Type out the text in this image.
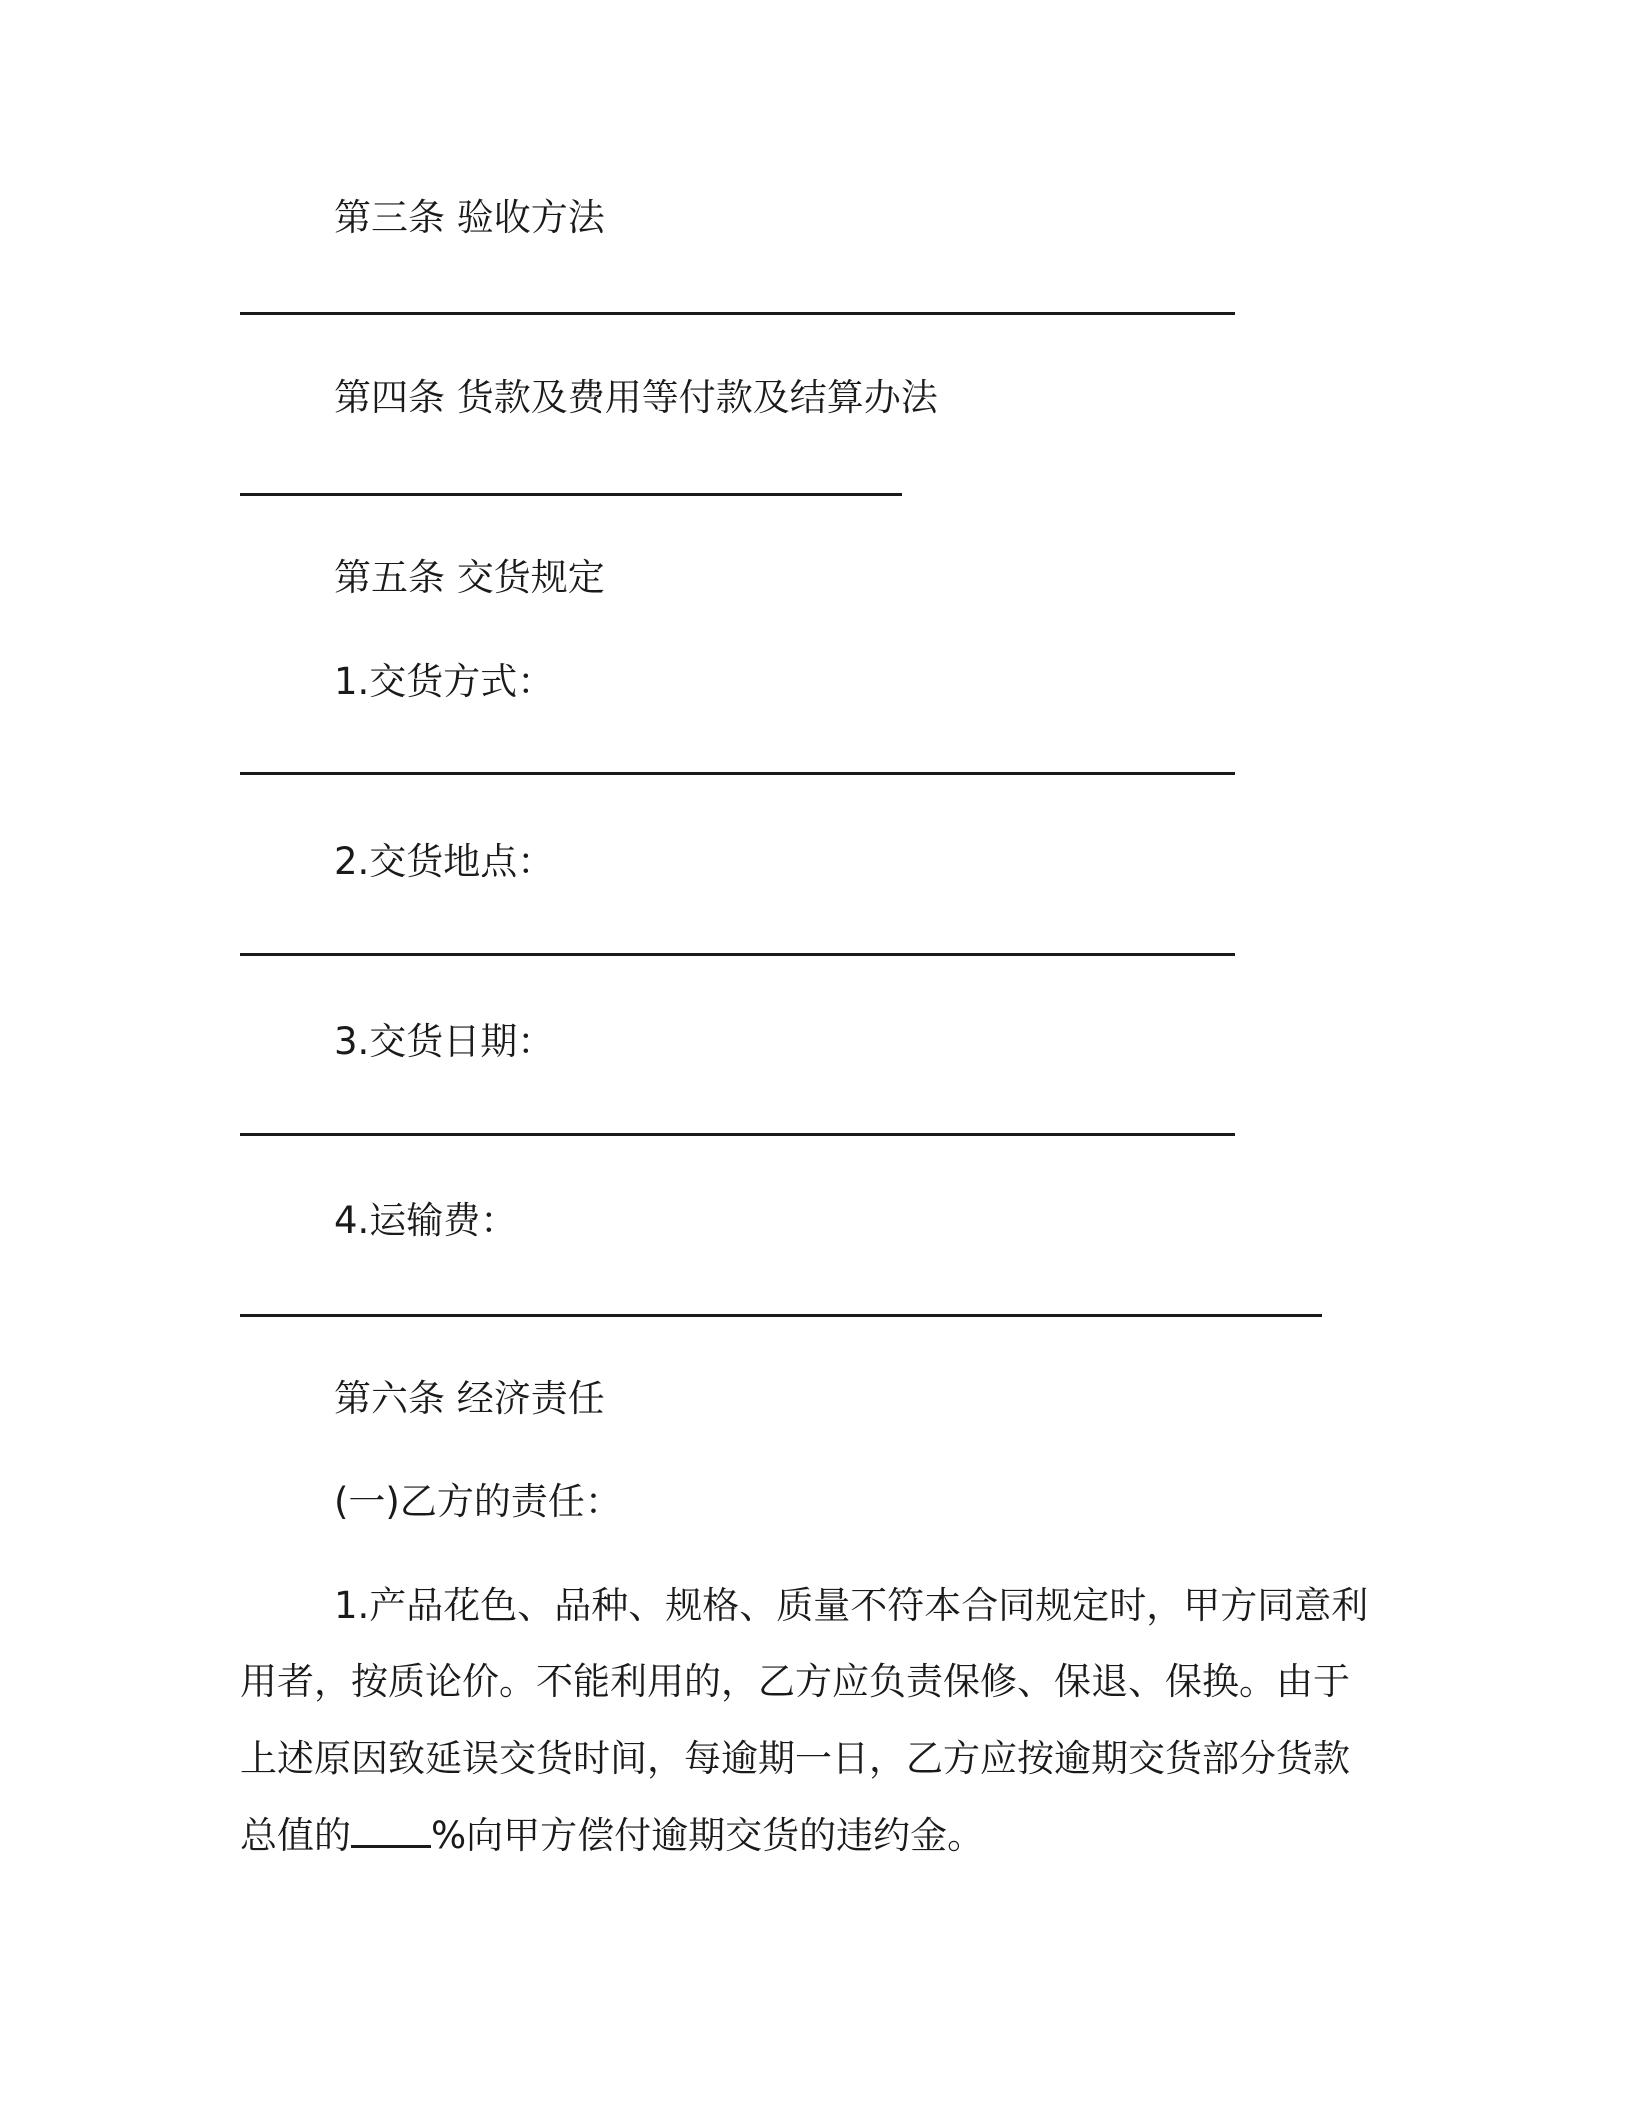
第三条 验收方法
第四条 货款及费用等付款及结算办法
第五条 交货规定
1.交货方式：
2.交货地点：
3.交货日期：
4.运输费：
第六条 经济责任
(一)乙方的责任：
1.产品花色、品种、规格、质量不符本合同规定时，甲方同意利
用者，按质论价。不能利用的，乙方应负责保修、保退、保换。由于
上述原因致延误交货时间，每逾期一日，乙方应按逾期交货部分货款
总值的 %向甲方偿付逾期交货的违约金。
